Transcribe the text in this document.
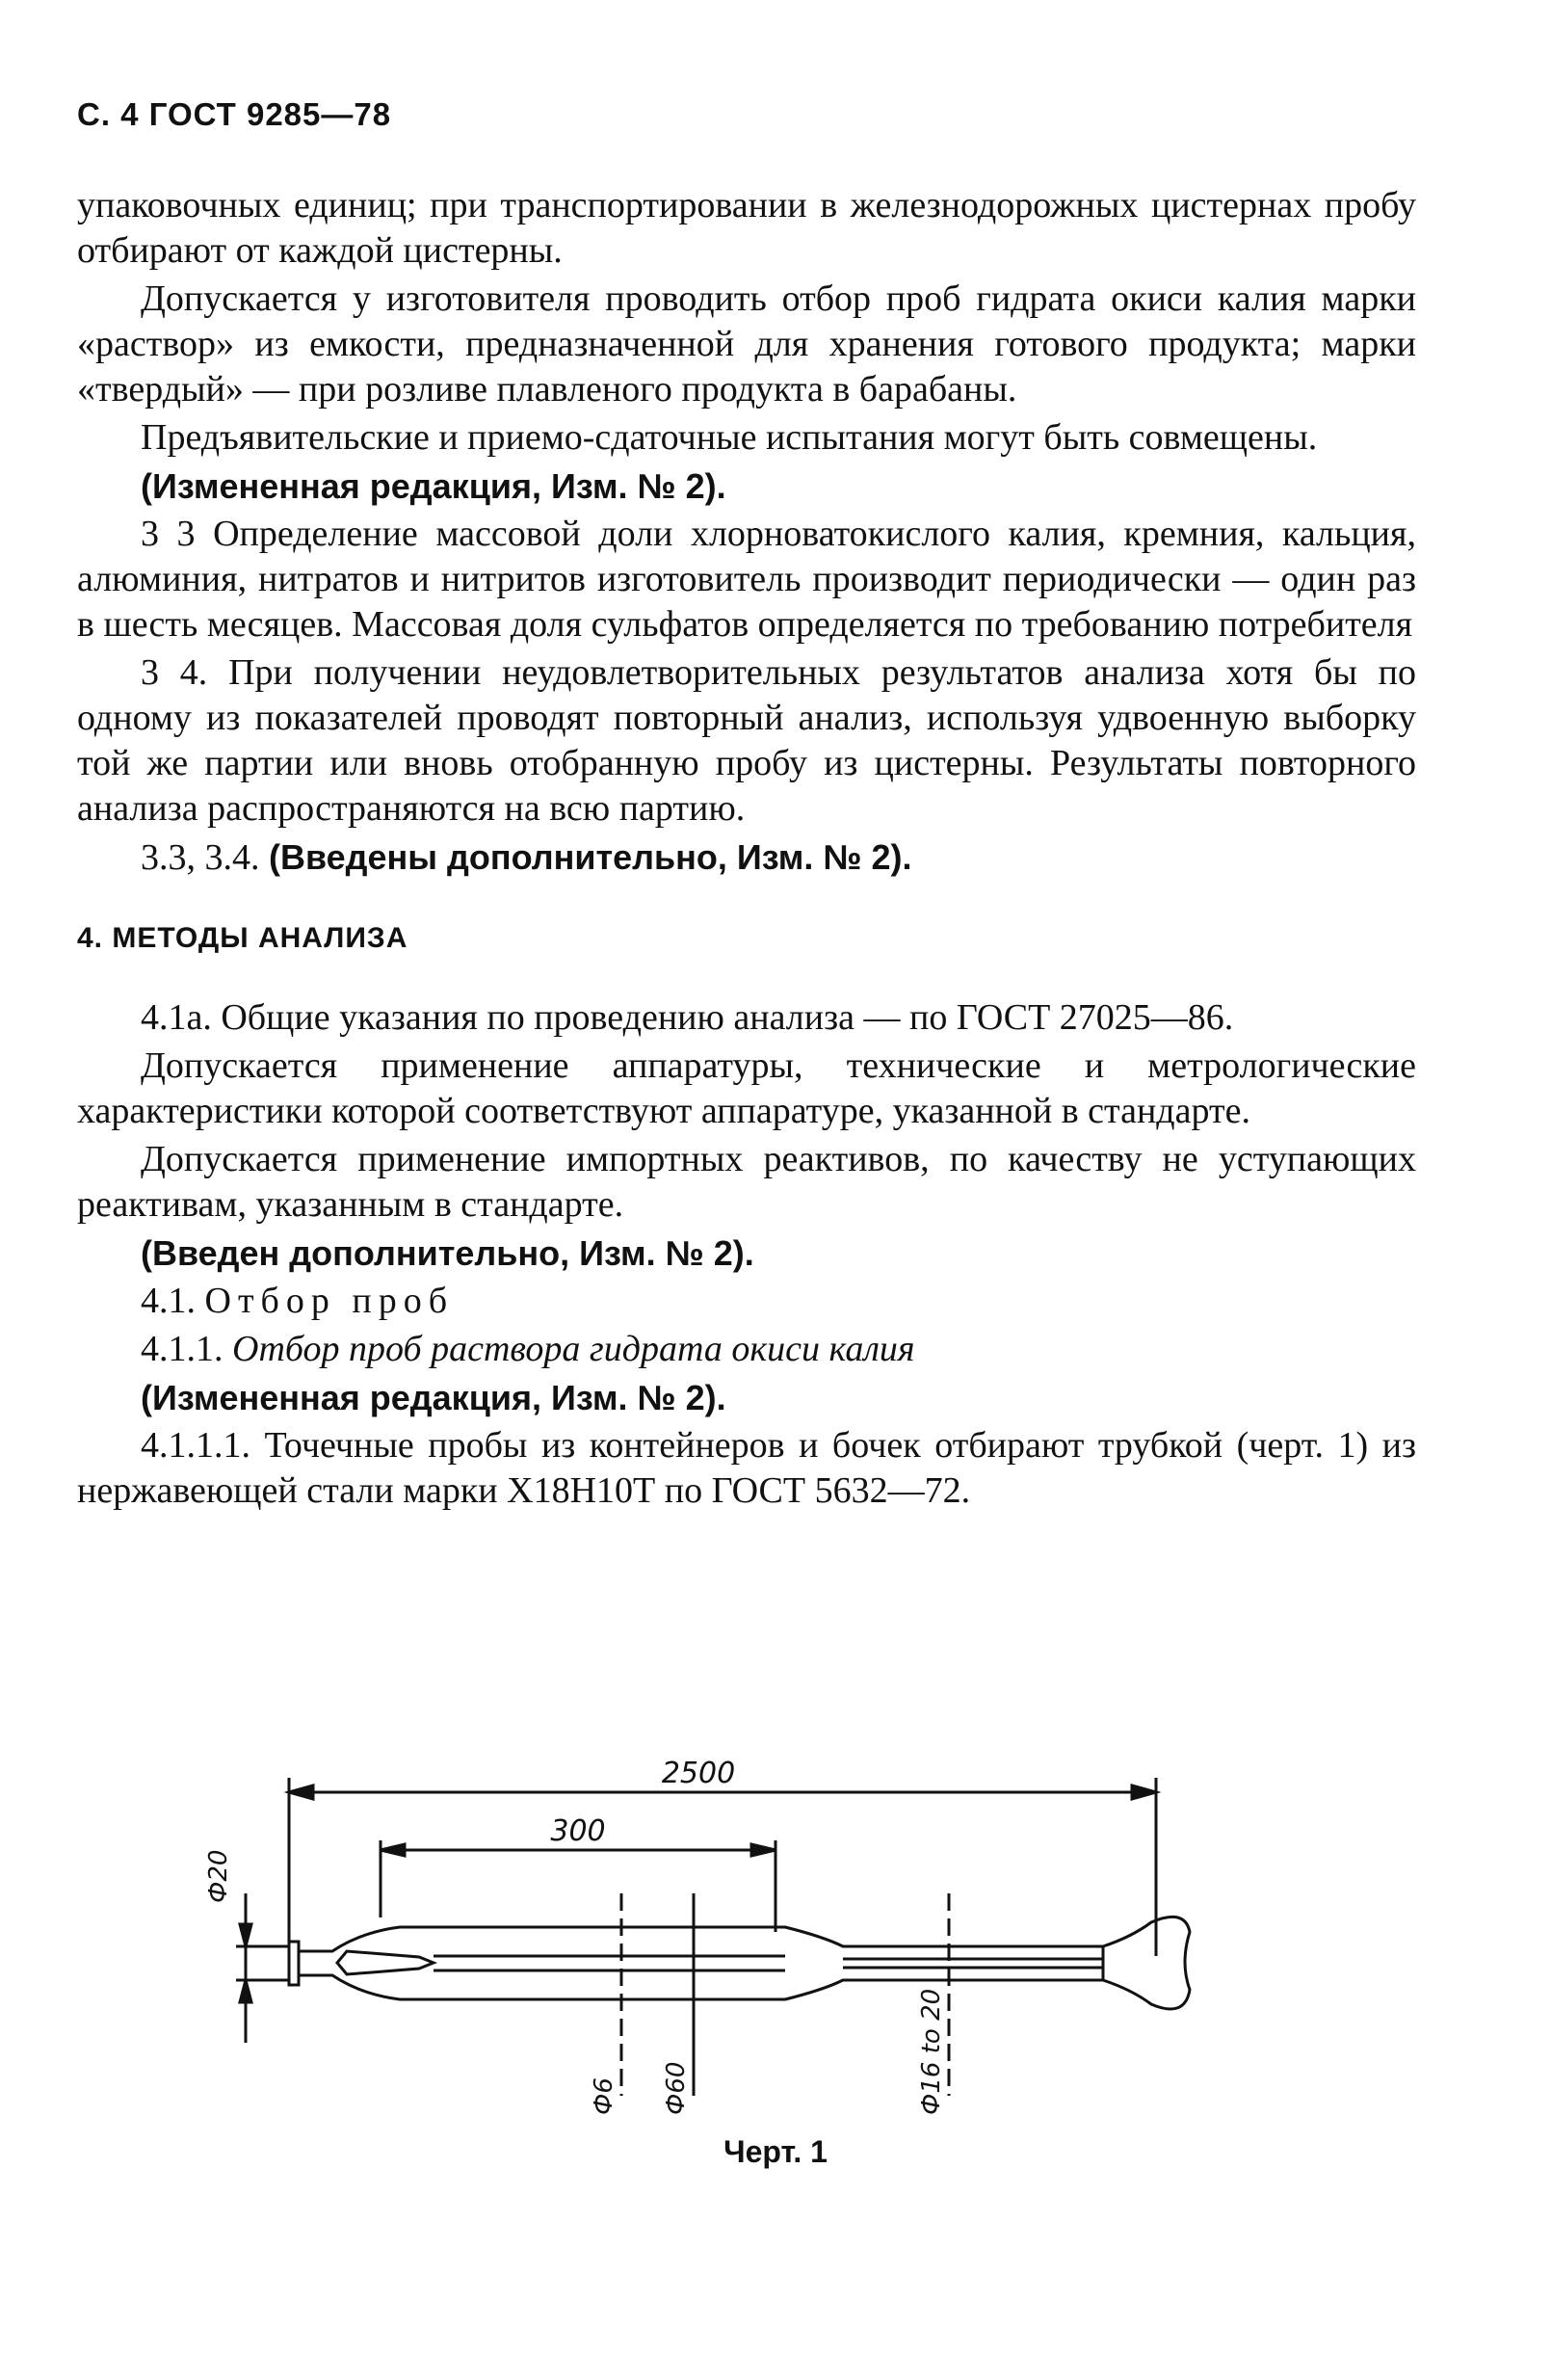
С. 4 ГОСТ 9285—78

упаковочных единиц; при транспортировании в железнодорожных цистернах пробу отбирают от каждой цистерны.

Допускается у изготовителя проводить отбор проб гидрата окиси калия марки «раствор» из емкости, предназначенной для хранения готового продукта; марки «твердый» — при розливе плавленого продукта в барабаны.

Предъявительские и приемо-сдаточные испытания могут быть совмещены.

(Измененная редакция, Изм. № 2).

3 3 Определение массовой доли хлорноватокислого калия, кремния, кальция, алюминия, нитратов и нитритов изготовитель производит периодически — один раз в шесть месяцев. Массовая доля сульфатов определяется по требованию потребителя

3 4. При получении неудовлетворительных результатов анализа хотя бы по одному из показателей проводят повторный анализ, используя удвоенную выборку той же партии или вновь отобранную пробу из цистерны. Результаты повторного анализа распространяются на всю партию.

3.3, 3.4. (Введены дополнительно, Изм. № 2).

4. МЕТОДЫ АНАЛИЗА

4.1а. Общие указания по проведению анализа — по ГОСТ 27025—86.

Допускается применение аппаратуры, технические и метрологические характеристики которой соответствуют аппаратуре, указанной в стандарте.

Допускается применение импортных реактивов, по качеству не уступающих реактивам, указанным в стандарте.

(Введен дополнительно, Изм. № 2).

4.1. Отбор проб

4.1.1. Отбор проб раствора гидрата окиси калия

(Измененная редакция, Изм. № 2).

4.1.1.1. Точечные пробы из контейнеров и бочек отбирают трубкой (черт. 1) из нержавеющей стали марки Х18Н10Т по ГОСТ 5632—72.

2500
300
Ф20
Ф6 Ф60	Ф16 to 20
Черт. 1
